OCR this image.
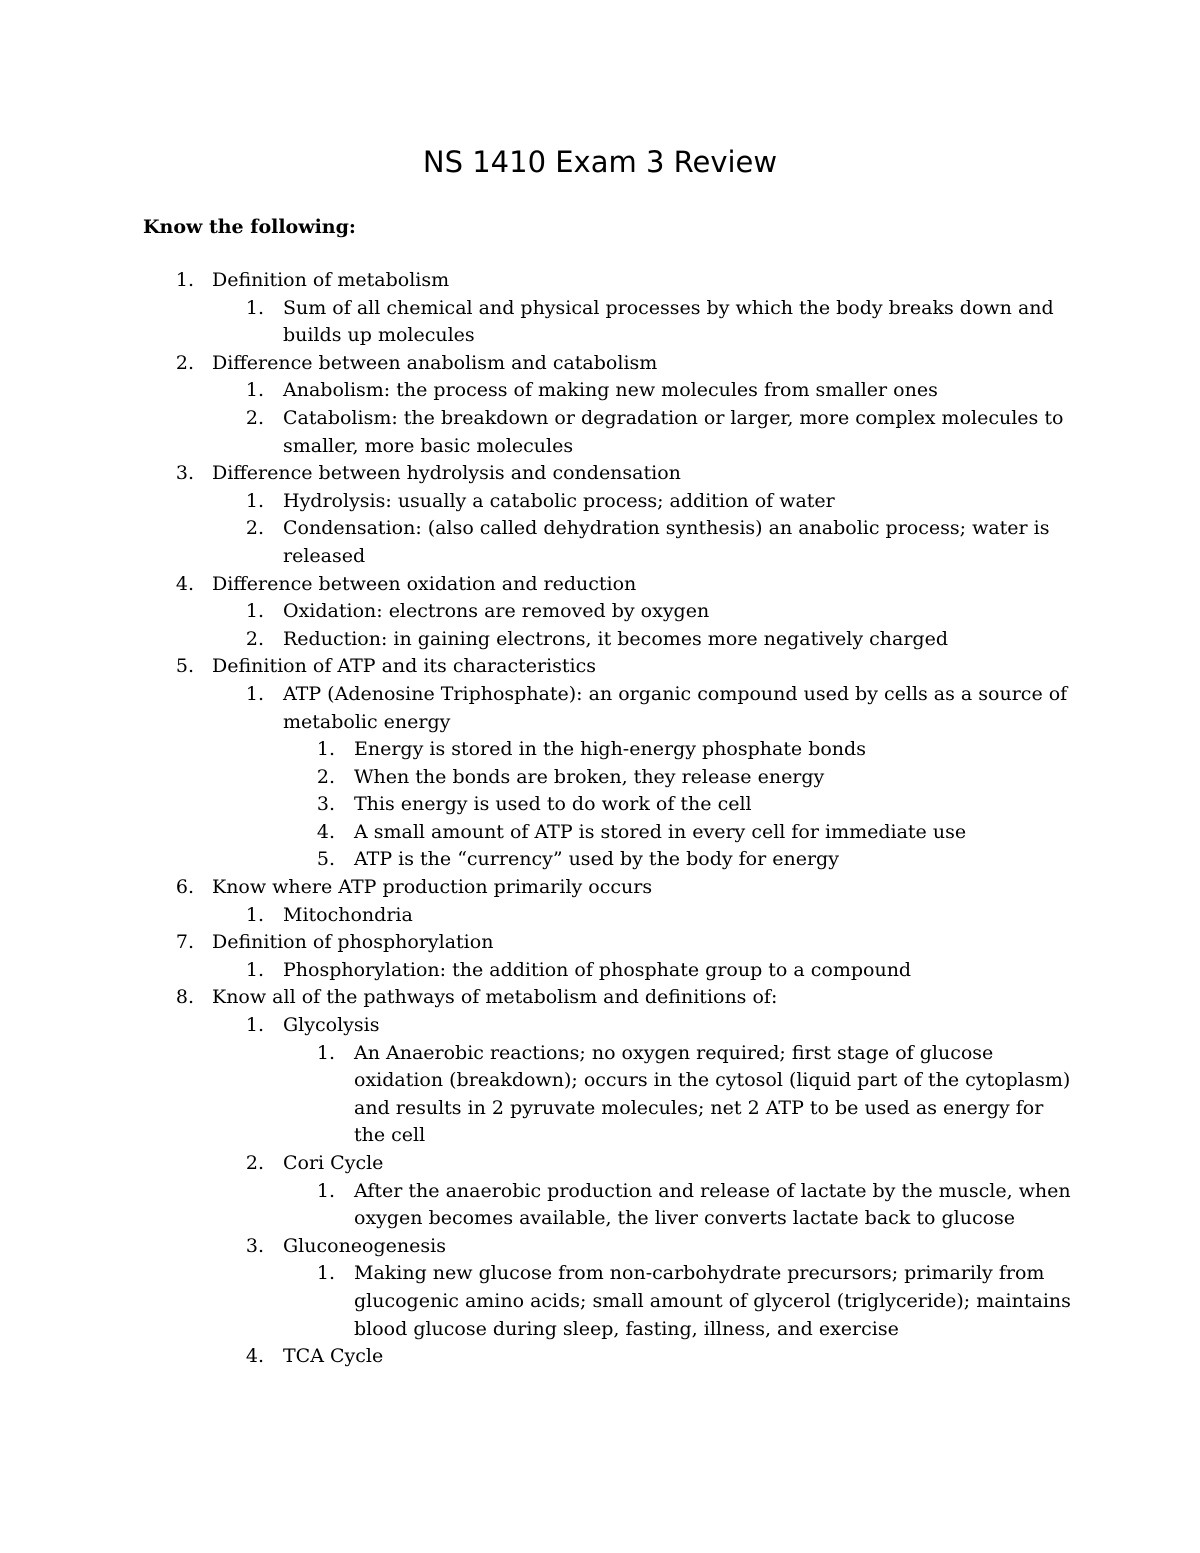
NS 1410 Exam 3 Review
Know the following:
1. Definition of metabolism
1. Sum of all chemical and physical processes by which the body breaks down and builds up molecules
2. Difference between anabolism and catabolism
1. Anabolism: the process of making new molecules from smaller ones
2. Catabolism: the breakdown or degradation or larger, more complex molecules to smaller, more basic molecules
3. Difference between hydrolysis and condensation
1. Hydrolysis: usually a catabolic process; addition of water
2. Condensation: (also called dehydration synthesis) an anabolic process; water is released
4. Difference between oxidation and reduction
1. Oxidation: electrons are removed by oxygen
2. Reduction: in gaining electrons, it becomes more negatively charged
5. Definition of ATP and its characteristics
1. ATP (Adenosine Triphosphate): an organic compound used by cells as a source of metabolic energy
1. Energy is stored in the high-energy phosphate bonds
2. When the bonds are broken, they release energy
3. This energy is used to do work of the cell
4. A small amount of ATP is stored in every cell for immediate use
5. ATP is the “currency” used by the body for energy
6. Know where ATP production primarily occurs
1. Mitochondria
7. Definition of phosphorylation
1. Phosphorylation: the addition of phosphate group to a compound
8. Know all of the pathways of metabolism and definitions of:
1. Glycolysis
1. An Anaerobic reactions; no oxygen required; first stage of glucose oxidation (breakdown); occurs in the cytosol (liquid part of the cytoplasm) and results in 2 pyruvate molecules; net 2 ATP to be used as energy for the cell
2. Cori Cycle
1. After the anaerobic production and release of lactate by the muscle, when oxygen becomes available, the liver converts lactate back to glucose
3. Gluconeogenesis
1. Making new glucose from non-carbohydrate precursors; primarily from glucogenic amino acids; small amount of glycerol (triglyceride); maintains blood glucose during sleep, fasting, illness, and exercise
4. TCA Cycle
